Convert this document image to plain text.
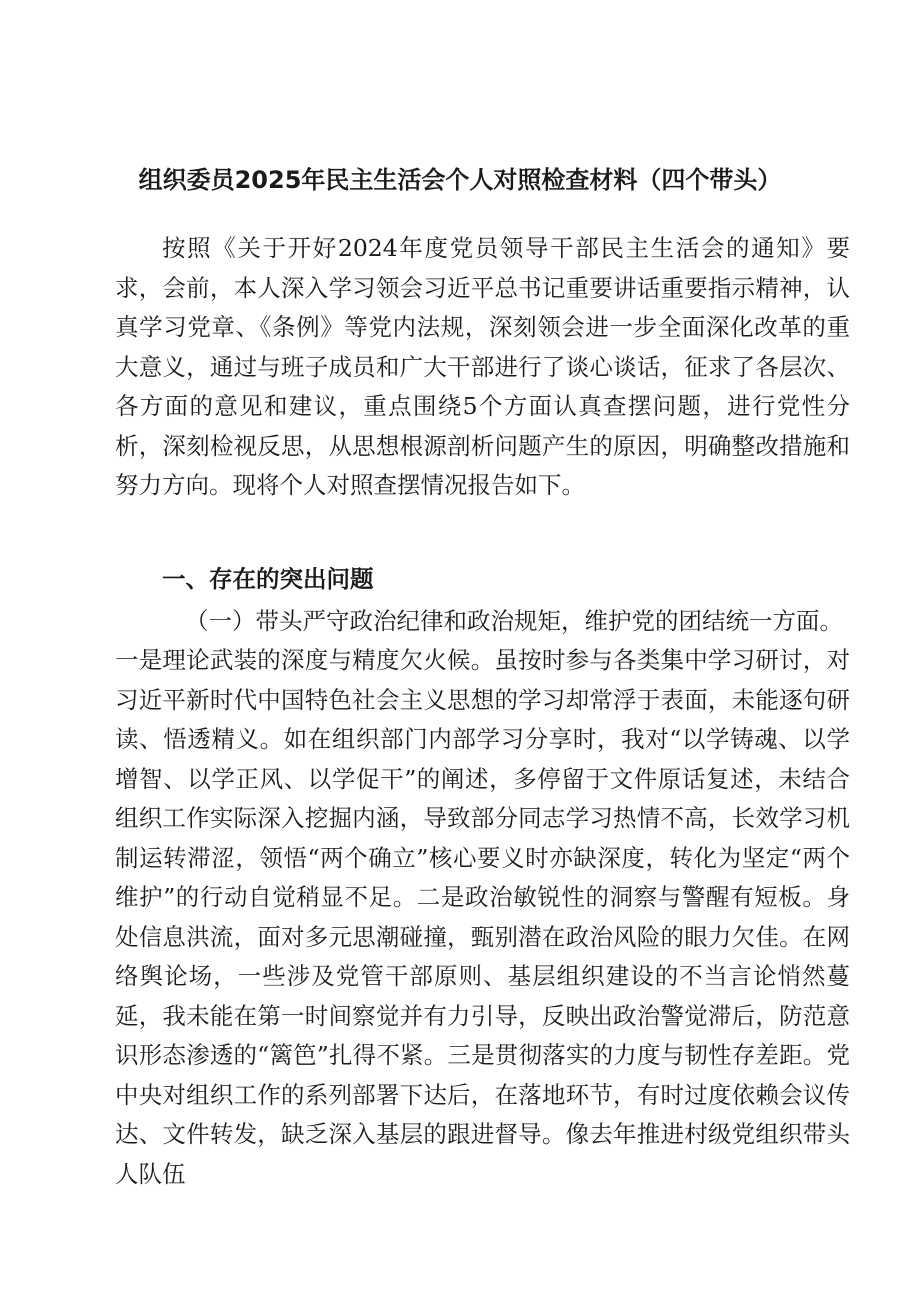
组织委员2025年民主生活会个人对照检查材料（四个带头）

按照《关于开好2024年度党员领导干部民主生活会的通知》要求，会前，本人深入学习领会习近平总书记重要讲话重要指示精神，认真学习党章、《条例》等党内法规，深刻领会进一步全面深化改革的重大意义，通过与班子成员和广大干部进行了谈心谈话，征求了各层次、各方面的意见和建议，重点围绕5个方面认真查摆问题，进行党性分析，深刻检视反思，从思想根源剖析问题产生的原因，明确整改措施和努力方向。现将个人对照查摆情况报告如下。

一、存在的突出问题

（一）带头严守政治纪律和政治规矩，维护党的团结统一方面。

一是理论武装的深度与精度欠火候。虽按时参与各类集中学习研讨，对习近平新时代中国特色社会主义思想的学习却常浮于表面，未能逐句研读、悟透精义。如在组织部门内部学习分享时，我对“以学铸魂、以学增智、以学正风、以学促干”的阐述，多停留于文件原话复述，未结合组织工作实际深入挖掘内涵，导致部分同志学习热情不高，长效学习机制运转滞涩，领悟“两个确立”核心要义时亦缺深度，转化为坚定“两个维护”的行动自觉稍显不足。二是政治敏锐性的洞察与警醒有短板。身处信息洪流，面对多元思潮碰撞，甄别潜在政治风险的眼力欠佳。在网络舆论场，一些涉及党管干部原则、基层组织建设的不当言论悄然蔓延，我未能在第一时间察觉并有力引导，反映出政治警觉滞后，防范意识形态渗透的“篱笆”扎得不紧。三是贯彻落实的力度与韧性存差距。党中央对组织工作的系列部署下达后，在落地环节，有时过度依赖会议传达、文件转发，缺乏深入基层的跟进督导。像去年推进村级党组织带头人队伍
